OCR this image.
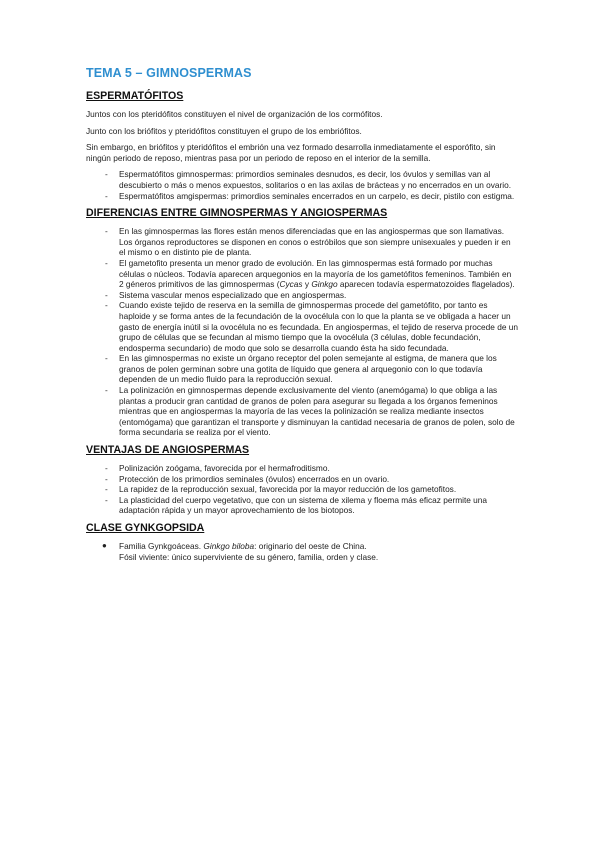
TEMA 5 – GIMNOSPERMAS
ESPERMATÓFITOS

Juntos con los pteridófitos constituyen el nivel de organización de los cormófitos.

Junto con los briófitos y pteridófitos constituyen el grupo de los embriófitos.

Sin embargo, en briófitos y pteridófitos el embrión una vez formado desarrolla inmediatamente el esporófito, sin ningún periodo de reposo, mientras pasa por un periodo de reposo en el interior de la semilla.

- Espermatófitos gimnospermas: primordios seminales desnudos, es decir, los óvulos y semillas van al descubierto o más o menos expuestos, solitarios o en las axilas de brácteas y no encerrados en un ovario.
- Espermatófitos amgispermas: primordios seminales encerrados en un carpelo, es decir, pistilo con estigma.
DIFERENCIAS ENTRE GIMNOSPERMAS Y ANGIOSPERMAS
- En las gimnospermas las flores están menos diferenciadas que en las angiospermas que son llamativas. Los órganos reproductores se disponen en conos o estróbilos que son siempre unisexuales y pueden ir en el mismo o en distinto pie de planta.
- El gametofito presenta un menor grado de evolución. En las gimnospermas está formado por muchas células o núcleos. Todavía aparecen arquegonios en la mayoría de los gametófitos femeninos. También en 2 géneros primitivos de las gimnospermas (Cycas y Ginkgo aparecen todavía espermatozoides flagelados).
- Sistema vascular menos especializado que en angiospermas.
- Cuando existe tejido de reserva en la semilla de gimnospermas procede del gametófito, por tanto es haploide y se forma antes de la fecundación de la ovocélula con lo que la planta se ve obligada a hacer un gasto de energía inútil si la ovocélula no es fecundada. En angiospermas, el tejido de reserva procede de un grupo de células que se fecundan al mismo tiempo que la ovocélula (3 células, doble fecundación, endosperma secundario) de modo que solo se desarrolla cuando ésta ha sido fecundada.
- En las gimnospermas no existe un órgano receptor del polen semejante al estigma, de manera que los granos de polen germinan sobre una gotita de líquido que genera al arquegonio con lo que todavía dependen de un medio fluido para la reproducción sexual.
- La polinización en gimnospermas depende exclusivamente del viento (anemógama) lo que obliga a las plantas a producir gran cantidad de granos de polen para asegurar su llegada a los órganos femeninos mientras que en angiospermas la mayoría de las veces la polinización se realiza mediante insectos (entomógama) que garantizan el transporte y disminuyan la cantidad necesaria de granos de polen, solo de forma secundaria se realiza por el viento.
VENTAJAS DE ANGIOSPERMAS
- Polinización zoógama, favorecida por el hermafroditismo.
- Protección de los primordios seminales (óvulos) encerrados en un ovario.
- La rapidez de la reproducción sexual, favorecida por la mayor reducción de los gametofitos.
- La plasticidad del cuerpo vegetativo, que con un sistema de xilema y floema más eficaz permite una adaptación rápida y un mayor aprovechamiento de los biotopos.
CLASE GYNKGOPSIDA
● Familia Gynkgoáceas. Ginkgo biloba: originario del oeste de China.
Fósil viviente: único superviviente de su género, familia, orden y clase.
